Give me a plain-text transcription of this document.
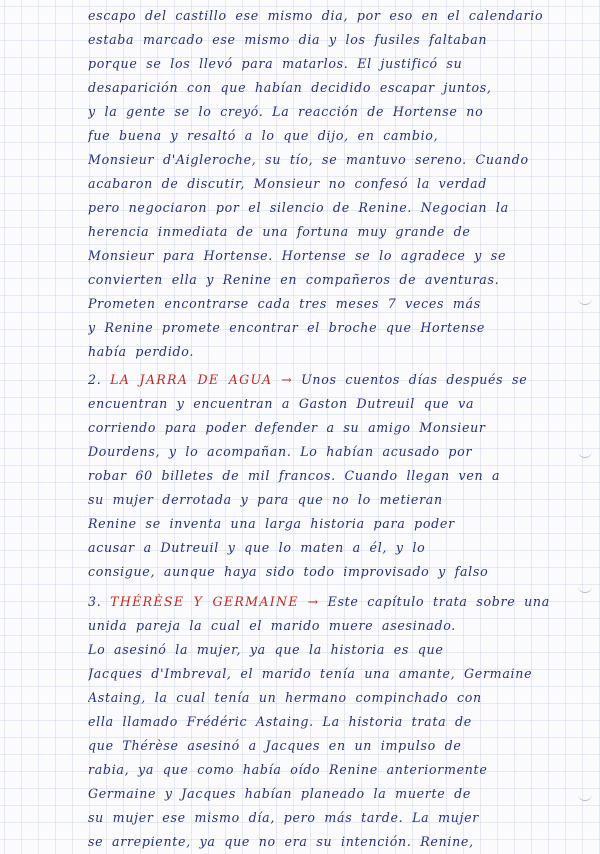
escapo del castillo ese mismo dia, por eso en el calendario
estaba marcado ese mismo dia y los fusiles faltaban
porque se los llevó para matarlos. El justificó su
desaparición con que habían decidido escapar juntos,
y la gente se lo creyó. La reacción de Hortense no
fue buena y resaltó a lo que dijo, en cambio,
Monsieur d'Aigleroche, su tío, se mantuvo sereno. Cuando
acabaron de discutir, Monsieur no confesó la verdad
pero negociaron por el silencio de Renine. Negocian la
herencia inmediata de una fortuna muy grande de
Monsieur para Hortense. Hortense se lo agradece y se
convierten ella y Renine en compañeros de aventuras.
Prometen encontrarse cada tres meses 7 veces más
y Renine promete encontrar el broche que Hortense
había perdido.
2. LA JARRA DE AGUA → Unos cuentos días después se
encuentran y encuentran a Gaston Dutreuil que va
corriendo para poder defender a su amigo Monsieur
Dourdens, y lo acompañan. Lo habían acusado por
robar 60 billetes de mil francos. Cuando llegan ven a
su mujer derrotada y para que no lo metieran
Renine se inventa una larga historia para poder
acusar a Dutreuil y que lo maten a él, y lo
consigue, aunque haya sido todo improvisado y falso
3. THÉRÈSE Y GERMAINE → Este capítulo trata sobre una
unida pareja la cual el marido muere asesinado.
Lo asesinó la mujer, ya que la historia es que
Jacques d'Imbreval, el marido tenía una amante, Germaine
Astaing, la cual tenía un hermano compinchado con
ella llamado Frédéric Astaing. La historia trata de
que Thérèse asesinó a Jacques en un impulso de
rabia, ya que como había oído Renine anteriormente
Germaine y Jacques habían planeado la muerte de
su mujer ese mismo día, pero más tarde. La mujer
se arrepiente, ya que no era su intención. Renine,
